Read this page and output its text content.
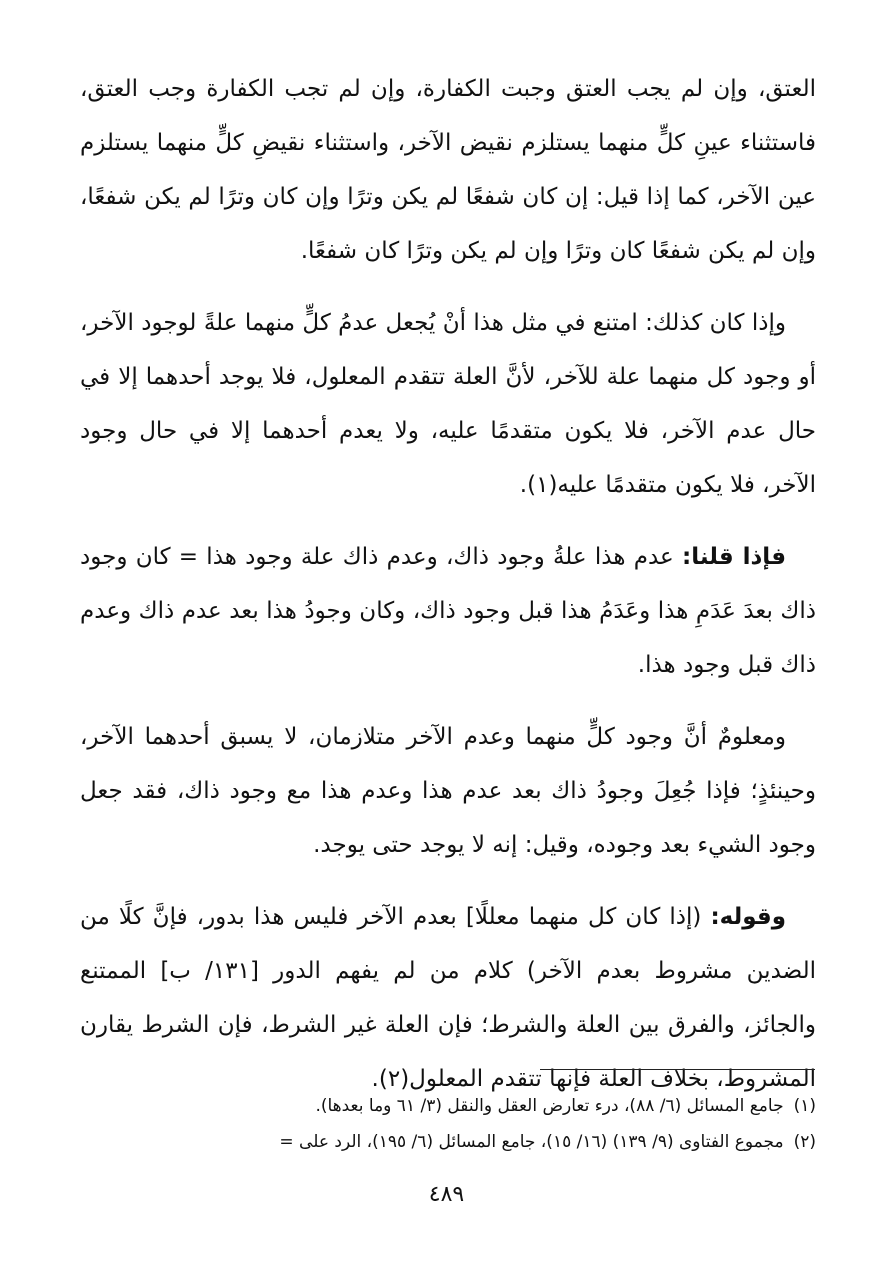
العتق، وإن لم يجب العتق وجبت الكفارة، وإن لم تجب الكفارة وجب العتق، فاستثناء عينِ كلٍّ منهما يستلزم نقيض الآخر، واستثناء نقيضِ كلٍّ منهما يستلزم عين الآخر، كما إذا قيل: إن كان شفعًا لم يكن وترًا وإن كان وترًا لم يكن شفعًا، وإن لم يكن شفعًا كان وترًا وإن لم يكن وترًا كان شفعًا.

وإذا كان كذلك: امتنع في مثل هذا أنْ يُجعل عدمُ كلٍّ منهما علةً لوجود الآخر، أو وجود كل منهما علة للآخر، لأنَّ العلة تتقدم المعلول، فلا يوجد أحدهما إلا في حال عدم الآخر، فلا يكون متقدمًا عليه، ولا يعدم أحدهما إلا في حال وجود الآخر، فلا يكون متقدمًا عليه(١).

فإذا قلنا: عدم هذا علةُ وجود ذاك، وعدم ذاك علة وجود هذا = كان وجود ذاك بعدَ عَدَمِ هذا وعَدَمُ هذا قبل وجود ذاك، وكان وجودُ هذا بعد عدم ذاك وعدم ذاك قبل وجود هذا.

ومعلومٌ أنَّ وجود كلٍّ منهما وعدم الآخر متلازمان، لا يسبق أحدهما الآخر، وحينئذٍ؛ فإذا جُعِلَ وجودُ ذاك بعد عدم هذا وعدم هذا مع وجود ذاك، فقد جعل وجود الشيء بعد وجوده، وقيل: إنه لا يوجد حتى يوجد.

وقوله: (إذا كان كل منهما معللًا] بعدم الآخر فليس هذا بدور، فإنَّ كلًا من الضدين مشروط بعدم الآخر) كلام من لم يفهم الدور [١٣١/ ب] الممتنع والجائز، والفرق بين العلة والشرط؛ فإن العلة غير الشرط، فإن الشرط يقارن المشروط، بخلاف العلة فإنها تتقدم المعلول(٢).

(١)جامع المسائل (٦/ ٨٨)، درء تعارض العقل والنقل (٣/ ٦١ وما بعدها).
(٢)مجموع الفتاوى (٩/ ١٣٩) (١٦/ ١٥)، جامع المسائل (٦/ ١٩٥)، الرد على =
٤٨٩
